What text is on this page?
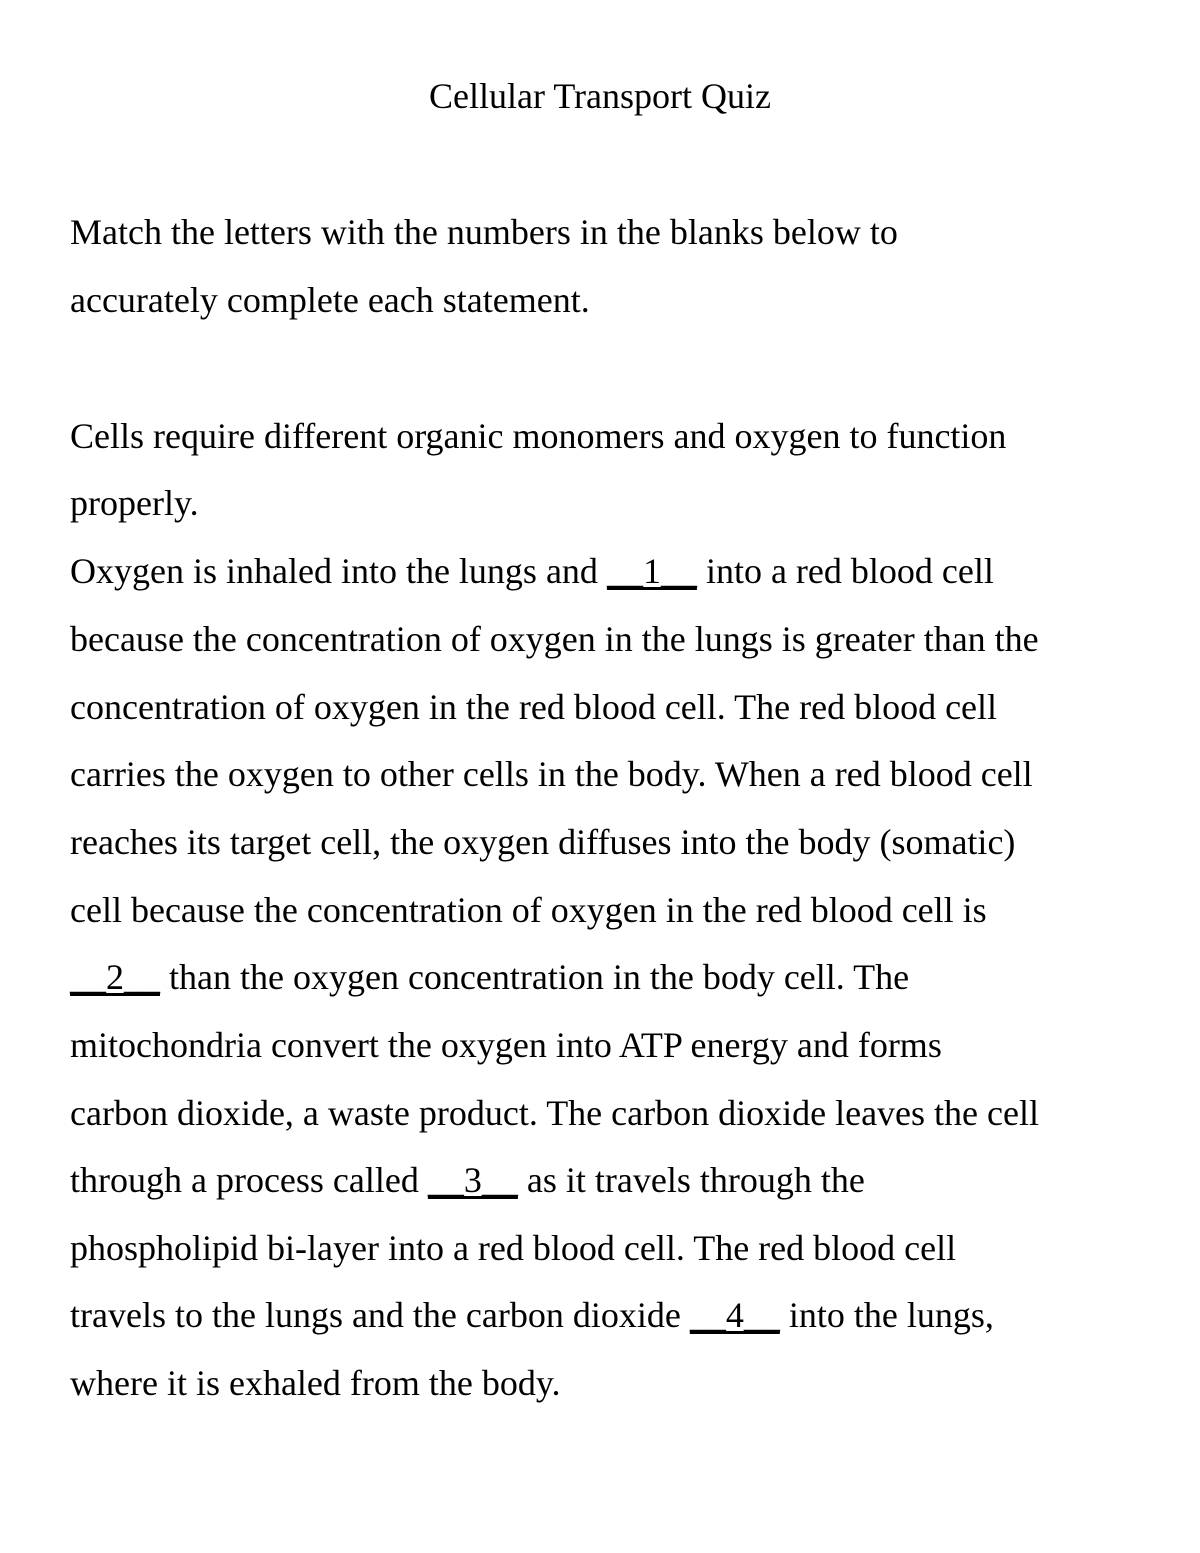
Cellular Transport Quiz

Match the letters with the numbers in the blanks below to

accurately complete each statement.

Cells require different organic monomers and oxygen to function

properly.

Oxygen is inhaled into the lungs and __1__ into a red blood cell

because the concentration of oxygen in the lungs is greater than the

concentration of oxygen in the red blood cell. The red blood cell

carries the oxygen to other cells in the body. When a red blood cell

reaches its target cell, the oxygen diffuses into the body (somatic)

cell because the concentration of oxygen in the red blood cell is

__2__ than the oxygen concentration in the body cell. The

mitochondria convert the oxygen into ATP energy and forms

carbon dioxide, a waste product. The carbon dioxide leaves the cell

through a process called __3__ as it travels through the

phospholipid bi-layer into a red blood cell. The red blood cell

travels to the lungs and the carbon dioxide __4__ into the lungs,

where it is exhaled from the body.
